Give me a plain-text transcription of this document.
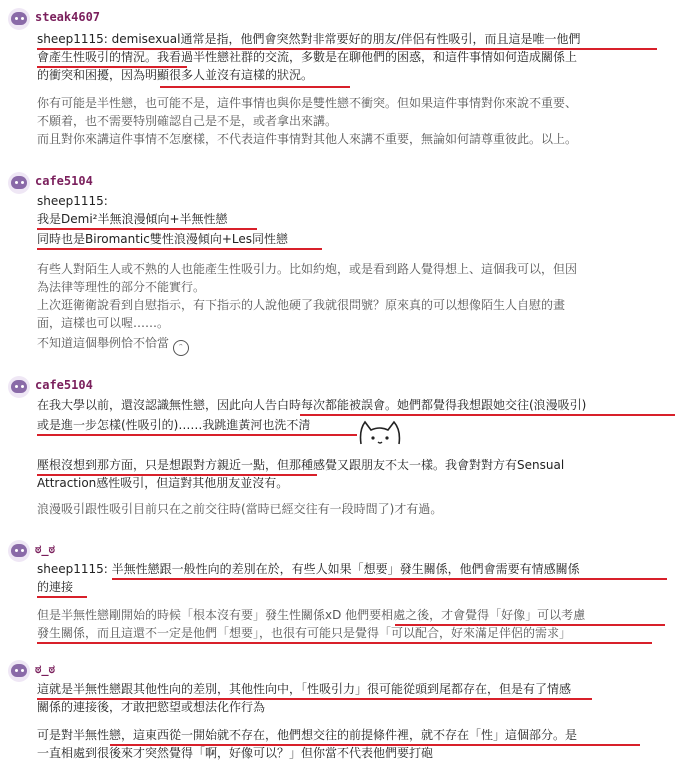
steak4607
sheep1115: demisexual通常是指，他們會突然對非常要好的朋友/伴侶有性吸引，而且這是唯一他們
會產生性吸引的情況。我看過半性戀社群的交流，多數是在聊他們的困惑，和這件事情如何造成關係上
的衝突和困擾，因為明顯很多人並沒有這樣的狀況。
你有可能是半性戀，也可能不是，這件事情也與你是雙性戀不衝突。但如果這件事情對你來說不重要、
不願着，也不需要特別確認自己是不是，或者拿出來講。
而且對你來講這件事情不怎麼樣，不代表這件事情對其他人來講不重要，無論如何請尊重彼此。以上。
cafe5104
sheep1115:
我是Demi²半無浪漫傾向+半無性戀
同時也是Biromantic雙性浪漫傾向+Les同性戀
有些人對陌生人或不熟的人也能產生性吸引力。比如約炮，或是看到路人覺得想上、這個我可以，但因
為法律等理性的部分不能實行。
上次逛衛衛說看到自慰指示，有下指示的人說他硬了我就很問號？原來真的可以想像陌生人自慰的畫
面，這樣也可以喔……。
不知道這個舉例恰不恰當 ᵔ
cafe5104
在我大學以前，還沒認識無性戀，因此向人告白時每次都能被誤會。她們都覺得我想跟她交往(浪漫吸引)
或是進一步怎樣(性吸引的)……我跳進黃河也洗不清
壓根沒想到那方面，只是想跟對方親近一點，但那種感覺又跟朋友不太一樣。我會對對方有Sensual
Attraction感性吸引，但這對其他朋友並沒有。
浪漫吸引跟性吸引目前只在之前交往時(當時已經交往有一段時間了)才有過。
ಠ_ಠ
sheep1115: 半無性戀跟一般性向的差別在於，有些人如果「想要」發生關係，他們會需要有情感關係
的連接
但是半無性戀剛開始的時候「根本沒有要」發生性關係xD 他們要相處之後，才會覺得「好像」可以考慮
發生關係，而且這還不一定是他們「想要」，也很有可能只是覺得「可以配合，好來滿足伴侶的需求」
ಠ_ಠ
這就是半無性戀跟其他性向的差別，其他性向中，「性吸引力」很可能從頭到尾都存在，但是有了情感
關係的連接後，才敢把慾望或想法化作行為
可是對半無性戀，這東西從一開始就不存在，他們想交往的前提條件裡，就不存在「性」這個部分。是
一直相處到很後來才突然覺得「啊，好像可以？」但你當不代表他們要打砲
